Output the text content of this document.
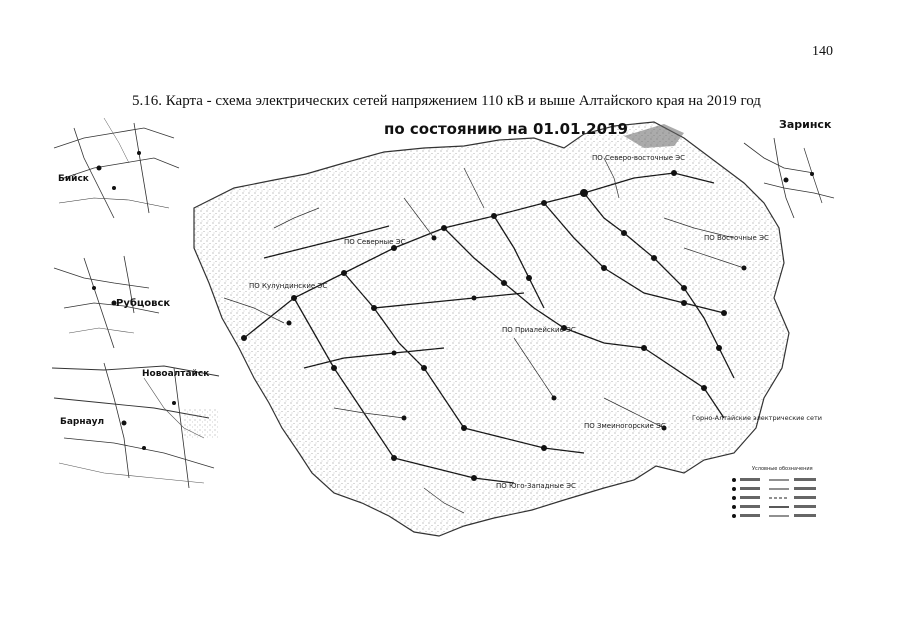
140
5.16. Карта - схема электрических сетей напряжением 110 кВ и выше Алтайского края на 2019 год
по состоянию на 01.01.2019
ПО Северо-восточные ЭС
ПО Северные ЭС	ПО Восточные ЭС
ПО Кулундинские ЭС
ПО Приалейские ЭС
ПО Змеиногорские ЭС
ПО Юго-Западные ЭС
Горно-Алтайские электрические сети
Бийск
Рубцовск
Новоалтайск
Барнаул
Заринск
Условные обозначения
